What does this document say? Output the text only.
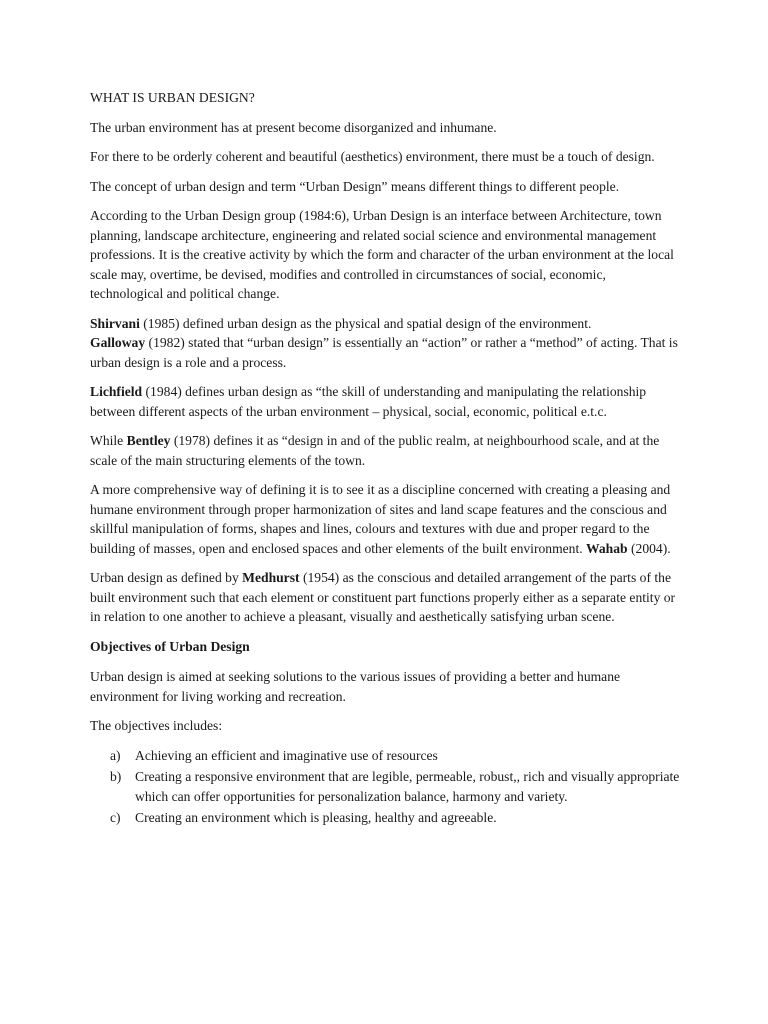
WHAT IS URBAN DESIGN?

The urban environment has at present become disorganized and inhumane.

For there to be orderly coherent and beautiful (aesthetics) environment, there must be a touch of design.

The concept of urban design and term “Urban Design” means different things to different people.

According to the Urban Design group (1984:6), Urban Design is an interface between Architecture, town planning, landscape architecture, engineering and related social science and environmental management professions. It is the creative activity by which the form and character of the urban environment at the local scale may, overtime, be devised, modifies and controlled in circumstances of social, economic, technological and political change.

Shirvani (1985) defined urban design as the physical and spatial design of the environment.
Galloway (1982) stated that “urban design” is essentially an “action” or rather a “method” of acting. That is urban design is a role and a process.

Lichfield (1984) defines urban design as “the skill of understanding and manipulating the relationship between different aspects of the urban environment – physical, social, economic, political e.t.c.

While Bentley (1978) defines it as “design in and of the public realm, at neighbourhood scale, and at the scale of the main structuring elements of the town.

A more comprehensive way of defining it is to see it as a discipline concerned with creating a pleasing and humane environment through proper harmonization of sites and land scape features and the conscious and skillful manipulation of forms, shapes and lines, colours and textures with due and proper regard to the building of masses, open and enclosed spaces and other elements of the built environment. Wahab (2004).

Urban design as defined by Medhurst (1954) as the conscious and detailed arrangement of the parts of the built environment such that each element or constituent part functions properly either as a separate entity or in relation to one another to achieve a pleasant, visually and aesthetically satisfying urban scene.

Objectives of Urban Design

Urban design is aimed at seeking solutions to the various issues of providing a better and humane environment for living working and recreation.

The objectives includes:

a) Achieving an efficient and imaginative use of resources
b) Creating a responsive environment that are legible, permeable, robust,, rich and visually appropriate which can offer opportunities for personalization balance, harmony and variety.
c) Creating an environment which is pleasing, healthy and agreeable.
